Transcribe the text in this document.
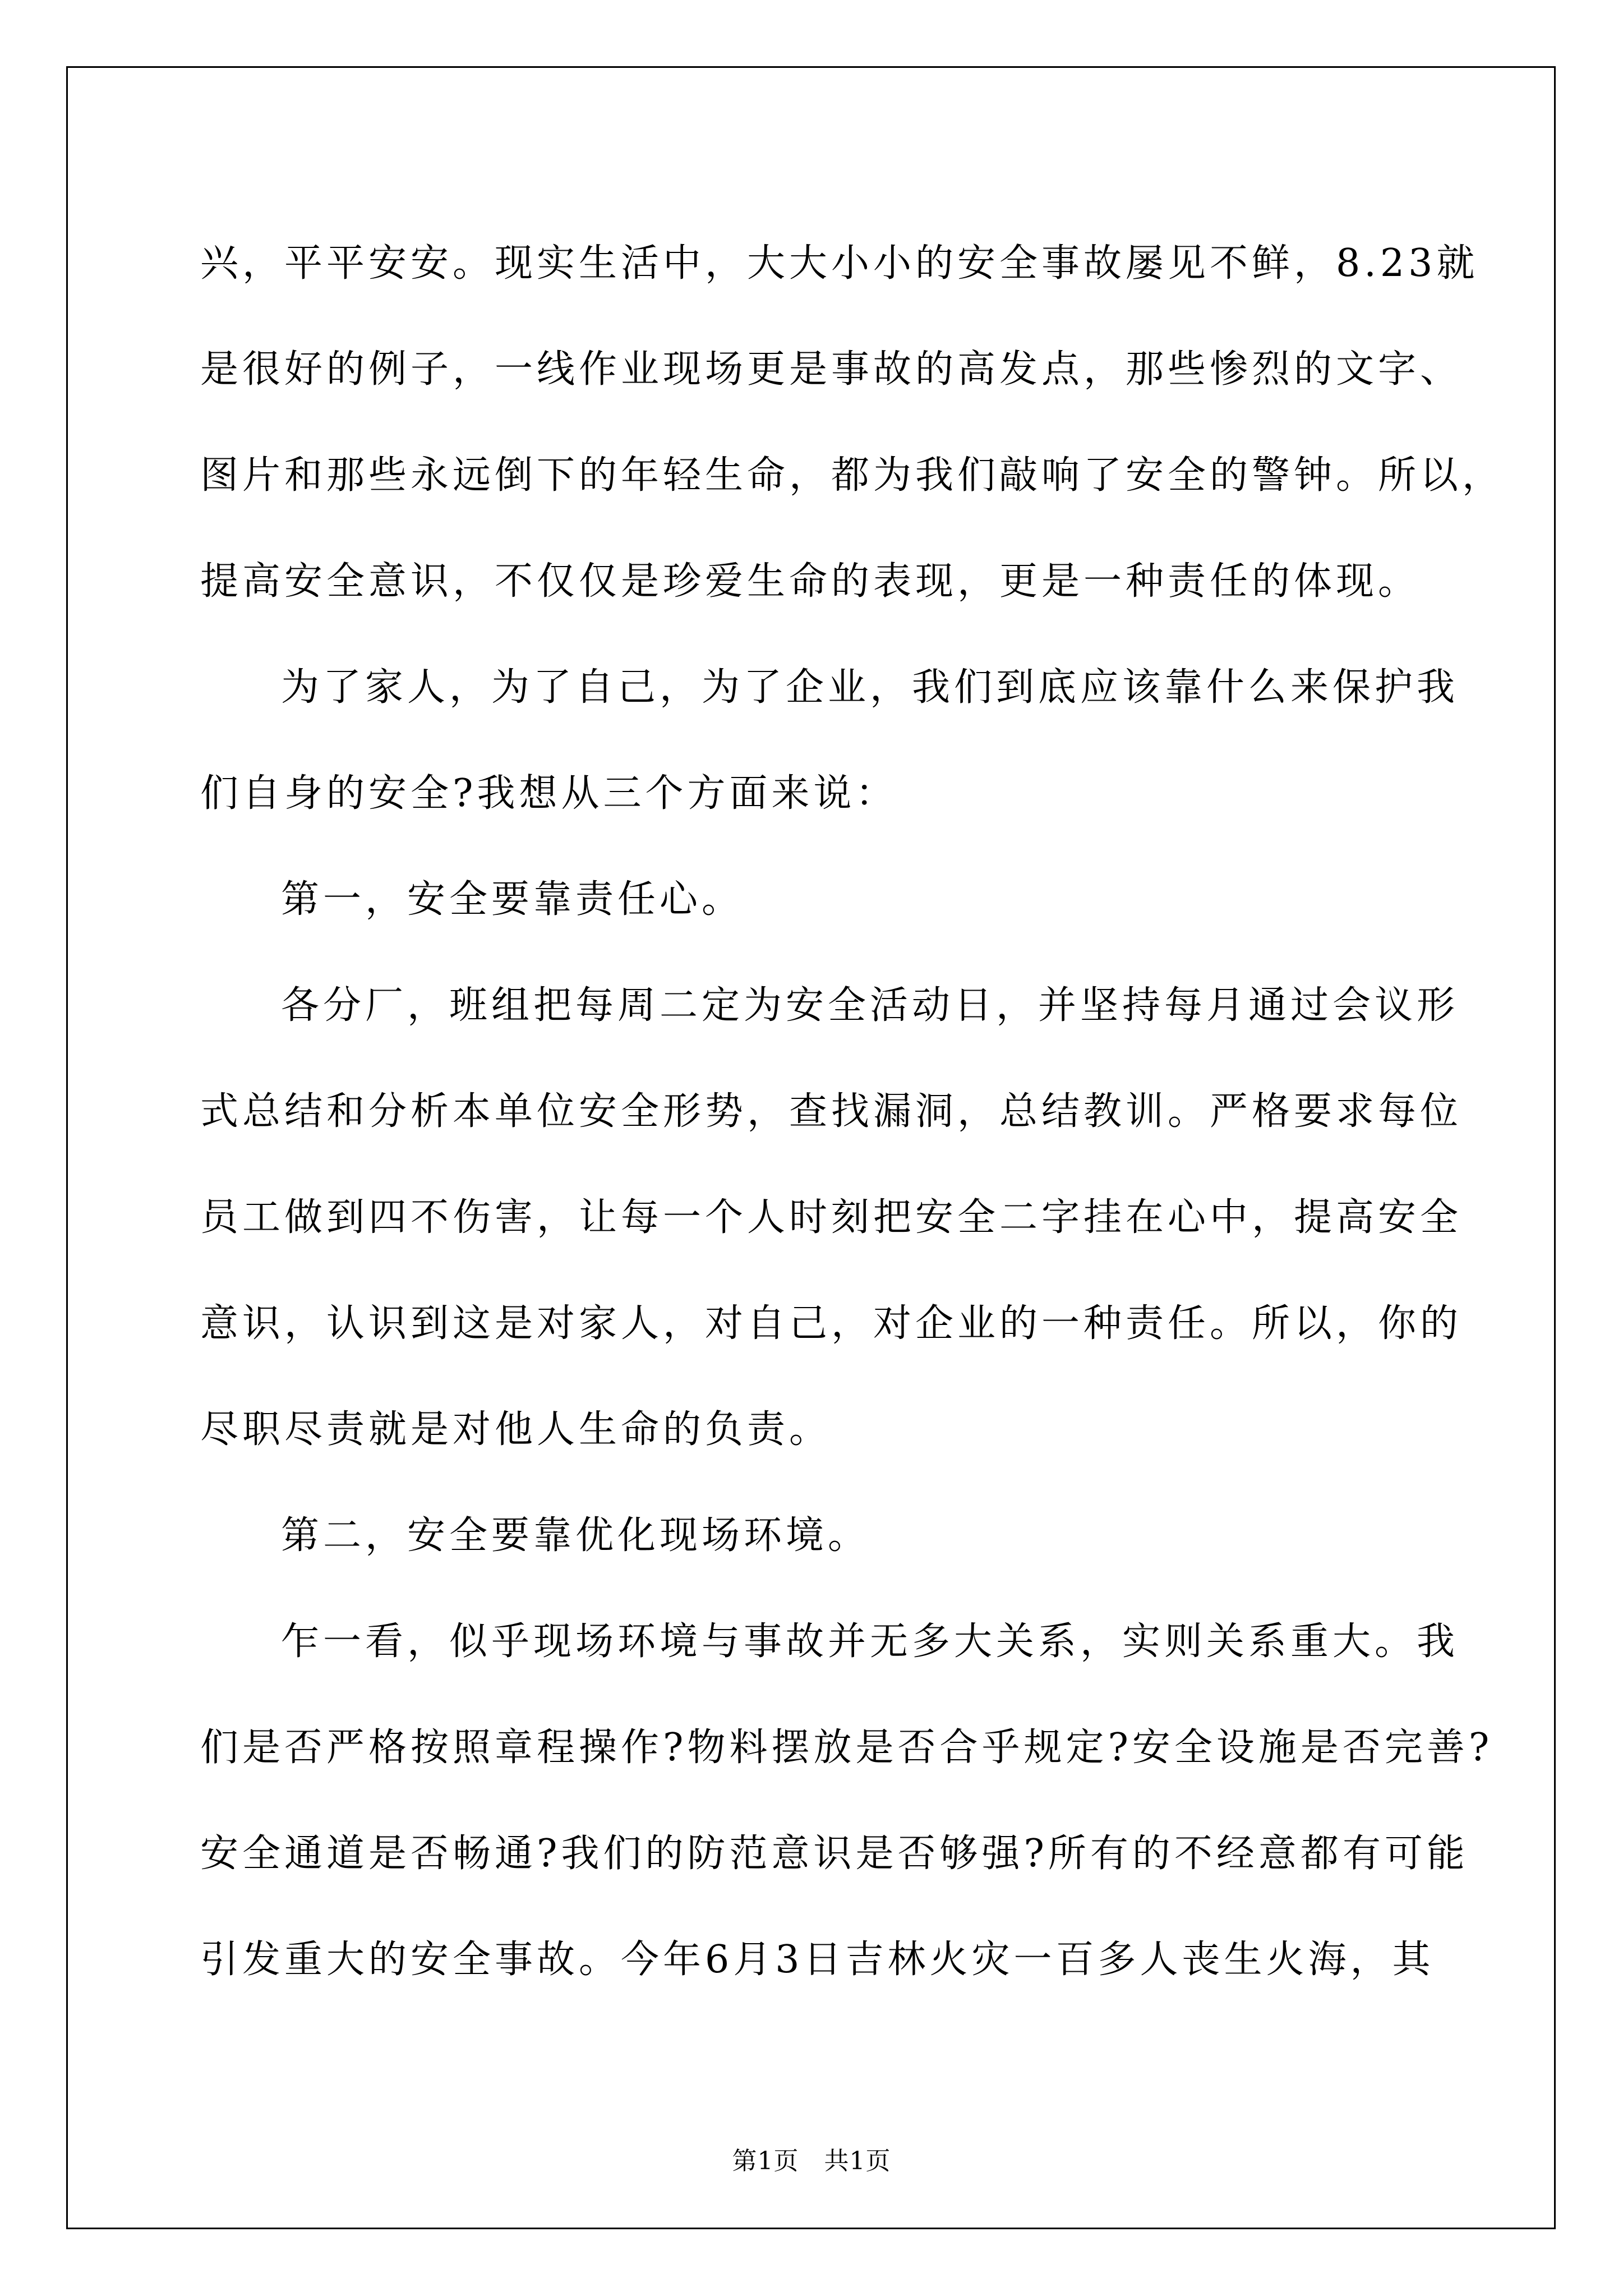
兴，平平安安。现实生活中，大大小小的安全事故屡见不鲜，8.23就
是很好的例子，一线作业现场更是事故的高发点，那些惨烈的文字、
图片和那些永远倒下的年轻生命，都为我们敲响了安全的警钟。所以，
提高安全意识，不仅仅是珍爱生命的表现，更是一种责任的体现。

为了家人，为了自己，为了企业，我们到底应该靠什么来保护我
们自身的安全?我想从三个方面来说：

第一，安全要靠责任心。

各分厂，班组把每周二定为安全活动日，并坚持每月通过会议形
式总结和分析本单位安全形势，查找漏洞，总结教训。严格要求每位
员工做到四不伤害，让每一个人时刻把安全二字挂在心中，提高安全
意识，认识到这是对家人，对自己，对企业的一种责任。所以，你的
尽职尽责就是对他人生命的负责。

第二，安全要靠优化现场环境。

乍一看，似乎现场环境与事故并无多大关系，实则关系重大。我
们是否严格按照章程操作?物料摆放是否合乎规定?安全设施是否完善?
安全通道是否畅通?我们的防范意识是否够强?所有的不经意都有可能
引发重大的安全事故。今年6月3日吉林火灾一百多人丧生火海，其

第1页　共1页
